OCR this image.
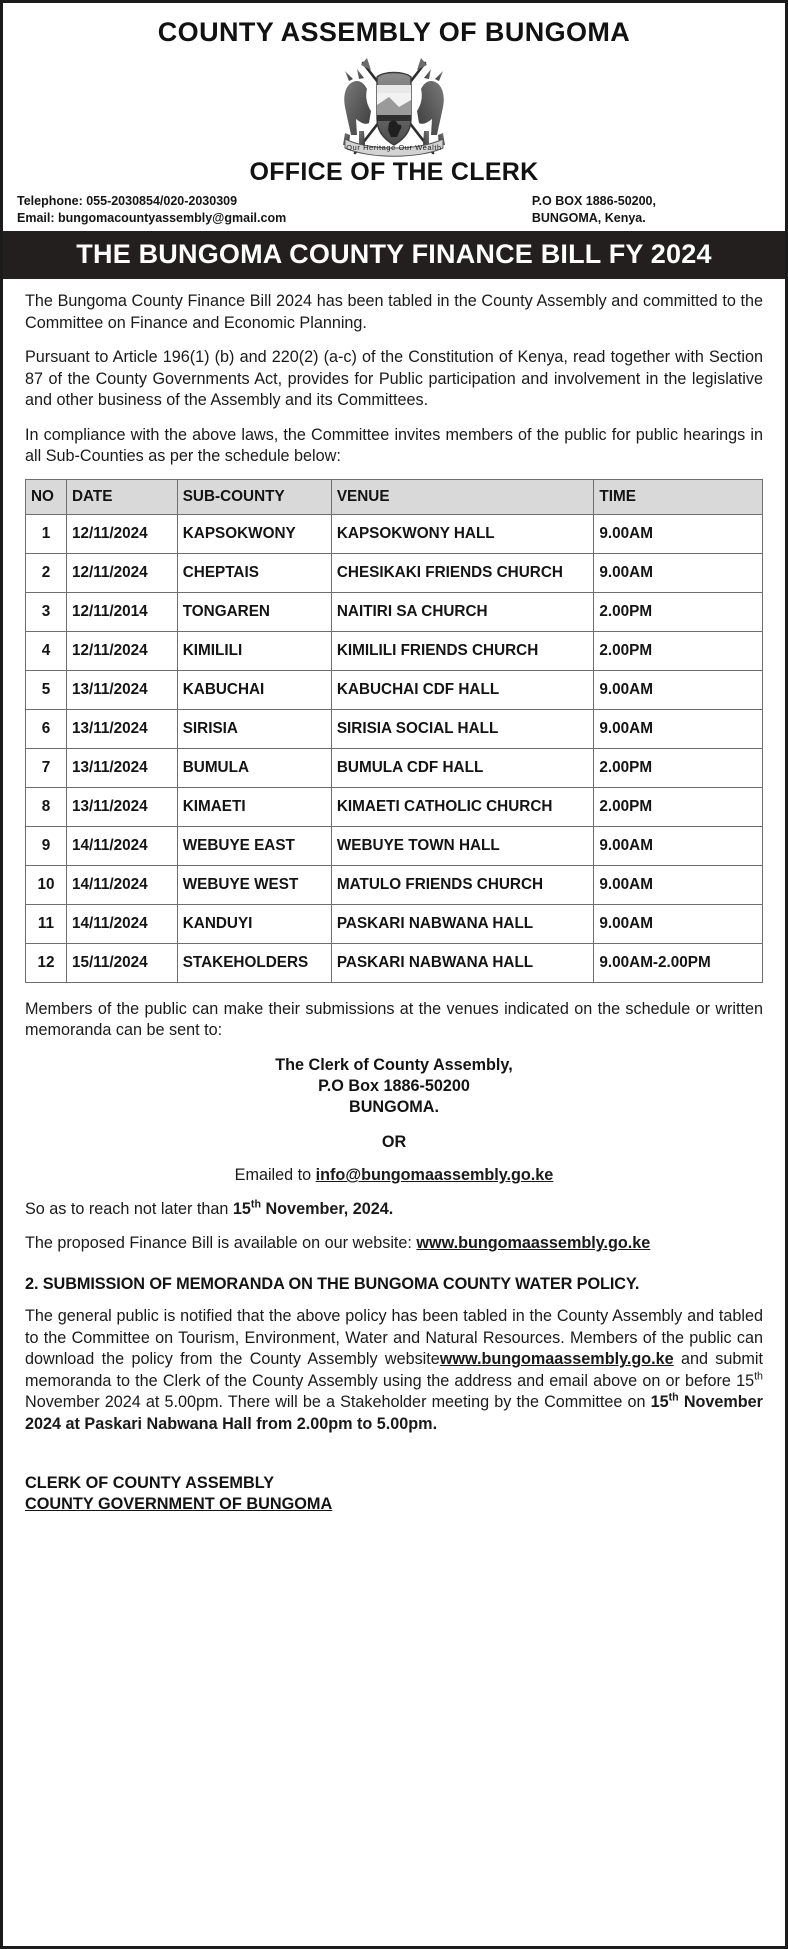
COUNTY ASSEMBLY OF BUNGOMA
Our Heritage Our Wealth
OFFICE OF THE CLERK
Telephone: 055-2030854/020-2030309
Email: bungomacountyassembly@gmail.com
P.O BOX 1886-50200,
BUNGOMA, Kenya.
THE BUNGOMA COUNTY FINANCE BILL FY 2024

The Bungoma County Finance Bill 2024 has been tabled in the County Assembly and committed to the Committee on Finance and Economic Planning.

Pursuant to Article 196(1) (b) and 220(2) (a-c) of the Constitution of Kenya, read together with Section 87 of the County Governments Act, provides for Public participation and involvement in the legislative and other business of the Assembly and its Committees.

In compliance with the above laws, the Committee invites members of the public for public hearings in all Sub-Counties as per the schedule below:

NO	DATE	SUB-COUNTY	VENUE	TIME
1	12/11/2024	KAPSOKWONY	KAPSOKWONY HALL	9.00AM
2	12/11/2024	CHEPTAIS	CHESIKAKI FRIENDS CHURCH	9.00AM
3	12/11/2014	TONGAREN	NAITIRI SA CHURCH	2.00PM
4	12/11/2024	KIMILILI	KIMILILI FRIENDS CHURCH	2.00PM
5	13/11/2024	KABUCHAI	KABUCHAI CDF HALL	9.00AM
6	13/11/2024	SIRISIA	SIRISIA SOCIAL HALL	9.00AM
7	13/11/2024	BUMULA	BUMULA CDF HALL	2.00PM
8	13/11/2024	KIMAETI	KIMAETI CATHOLIC CHURCH	2.00PM
9	14/11/2024	WEBUYE EAST	WEBUYE TOWN HALL	9.00AM
10	14/11/2024	WEBUYE WEST	MATULO FRIENDS CHURCH	9.00AM
11	14/11/2024	KANDUYI	PASKARI NABWANA HALL	9.00AM
12	15/11/2024	STAKEHOLDERS	PASKARI NABWANA HALL	9.00AM-2.00PM

Members of the public can make their submissions at the venues indicated on the schedule or written memoranda can be sent to:

The Clerk of County Assembly,
P.O Box 1886-50200
BUNGOMA.
OR
Emailed to info@bungomaassembly.go.ke

So as to reach not later than 15th November, 2024.

The proposed Finance Bill is available on our website: www.bungomaassembly.go.ke

2. SUBMISSION OF MEMORANDA ON THE BUNGOMA COUNTY WATER POLICY.

The general public is notified that the above policy has been tabled in the County Assembly and tabled to the Committee on Tourism, Environment, Water and Natural Resources. Members of the public can download the policy from the County Assembly websitewww.bungomaassembly.go.ke and submit memoranda to the Clerk of the County Assembly using the address and email above on or before 15th November 2024 at 5.00pm. There will be a Stakeholder meeting by the Committee on 15th November 2024 at Paskari Nabwana Hall from 2.00pm to 5.00pm.

CLERK OF COUNTY ASSEMBLY
COUNTY GOVERNMENT OF BUNGOMA
